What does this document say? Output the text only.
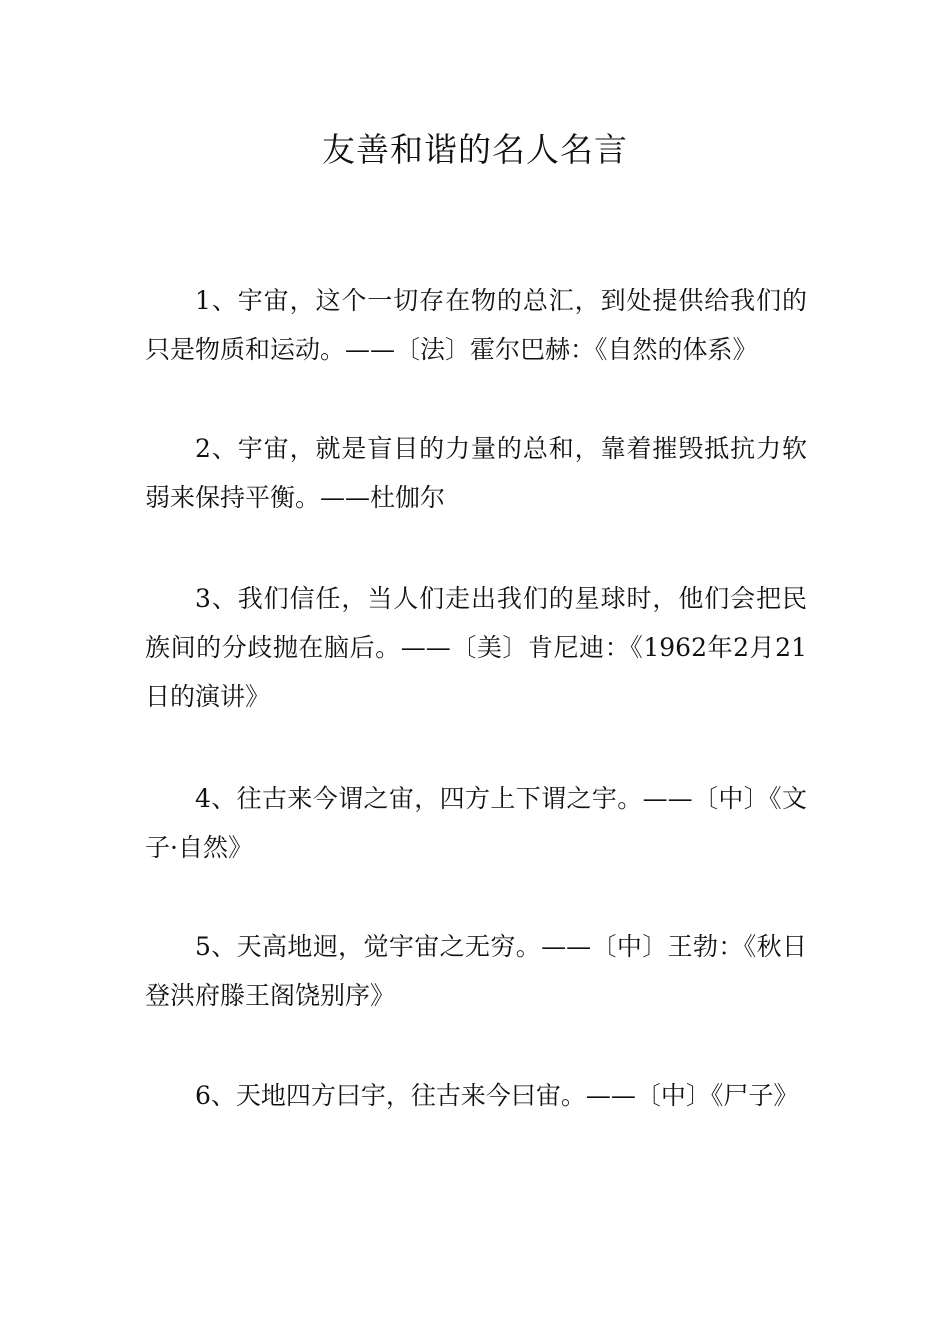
友善和谐的名人名言

1、宇宙，这个一切存在物的总汇，到处提供给我们的只是物质和运动。——〔法〕霍尔巴赫：《自然的体系》

2、宇宙，就是盲目的力量的总和，靠着摧毁抵抗力软弱来保持平衡。——杜伽尔

3、我们信任，当人们走出我们的星球时，他们会把民族间的分歧抛在脑后。——〔美〕肯尼迪：《1962年2月21日的演讲》

4、往古来今谓之宙，四方上下谓之宇。——〔中〕《文子·自然》

5、天高地迥，觉宇宙之无穷。——〔中〕王勃：《秋日登洪府滕王阁饶别序》

6、天地四方曰宇，往古来今曰宙。——〔中〕《尸子》
